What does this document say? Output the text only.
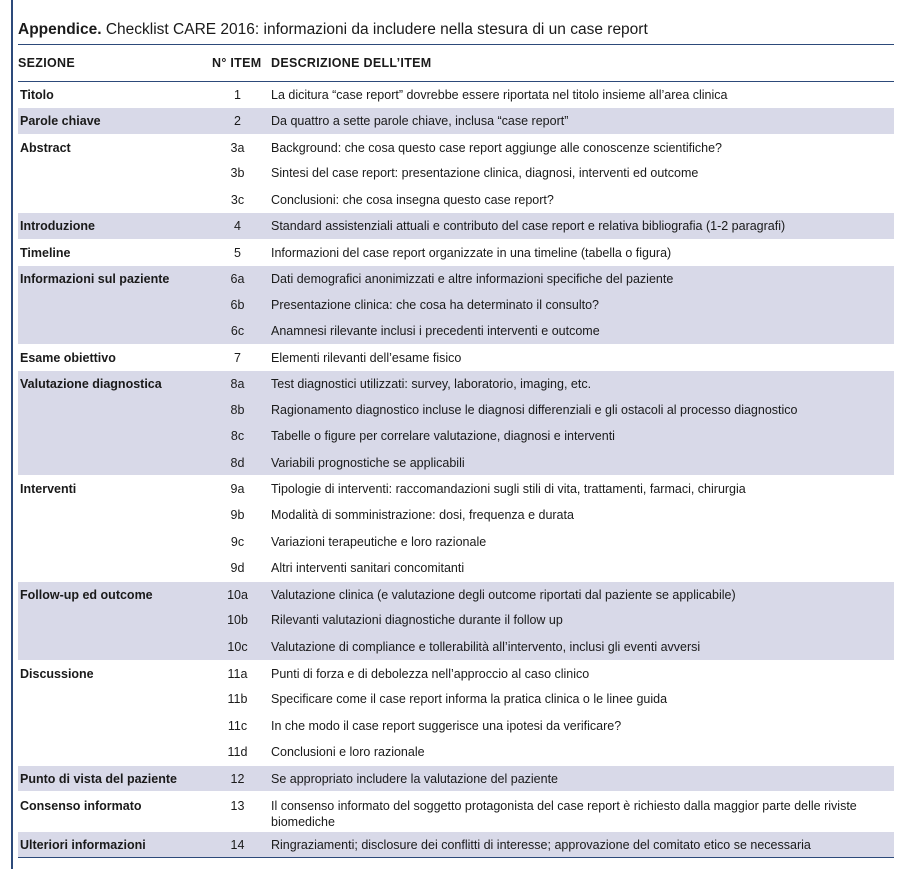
Appendice. Checklist CARE 2016: informazioni da includere nella stesura di un case report
SEZIONE	N° ITEM	DESCRIZIONE DELL’ITEM
Titolo	1	La dicitura “case report” dovrebbe essere riportata nel titolo insieme all’area clinica
Parole chiave	2	Da quattro a sette parole chiave, inclusa “case report”
Abstract	3a	Background: che cosa questo case report aggiunge alle conoscenze scientifiche?
	3b	Sintesi del case report: presentazione clinica, diagnosi, interventi ed outcome
	3c	Conclusioni: che cosa insegna questo case report?
Introduzione	4	Standard assistenziali attuali e contributo del case report e relativa bibliografia (1-2 paragrafi)
Timeline	5	Informazioni del case report organizzate in una timeline (tabella o figura)
Informazioni sul paziente	6a	Dati demografici anonimizzati e altre informazioni specifiche del paziente
	6b	Presentazione clinica: che cosa ha determinato il consulto?
	6c	Anamnesi rilevante inclusi i precedenti interventi e outcome
Esame obiettivo	7	Elementi rilevanti dell’esame fisico
Valutazione diagnostica	8a	Test diagnostici utilizzati: survey, laboratorio, imaging, etc.
	8b	Ragionamento diagnostico incluse le diagnosi differenziali e gli ostacoli al processo diagnostico
	8c	Tabelle o figure per correlare valutazione, diagnosi e interventi
	8d	Variabili prognostiche se applicabili
Interventi	9a	Tipologie di interventi: raccomandazioni sugli stili di vita, trattamenti, farmaci, chirurgia
	9b	Modalità di somministrazione: dosi, frequenza e durata
	9c	Variazioni terapeutiche e loro razionale
	9d	Altri interventi sanitari concomitanti
Follow-up ed outcome	10a	Valutazione clinica (e valutazione degli outcome riportati dal paziente se applicabile)
	10b	Rilevanti valutazioni diagnostiche durante il follow up
	10c	Valutazione di compliance e tollerabilità all’intervento, inclusi gli eventi avversi
Discussione	11a	Punti di forza e di debolezza nell’approccio al caso clinico
	11b	Specificare come il case report informa la pratica clinica o le linee guida
	11c	In che modo il case report suggerisce una ipotesi da verificare?
	11d	Conclusioni e loro razionale
Punto di vista del paziente	12	Se appropriato includere la valutazione del paziente
Consenso informato	13	Il consenso informato del soggetto protagonista del case report è richiesto dalla maggior parte delle riviste biomediche
Ulteriori informazioni	14	Ringraziamenti; disclosure dei conflitti di interesse; approvazione del comitato etico se necessaria
